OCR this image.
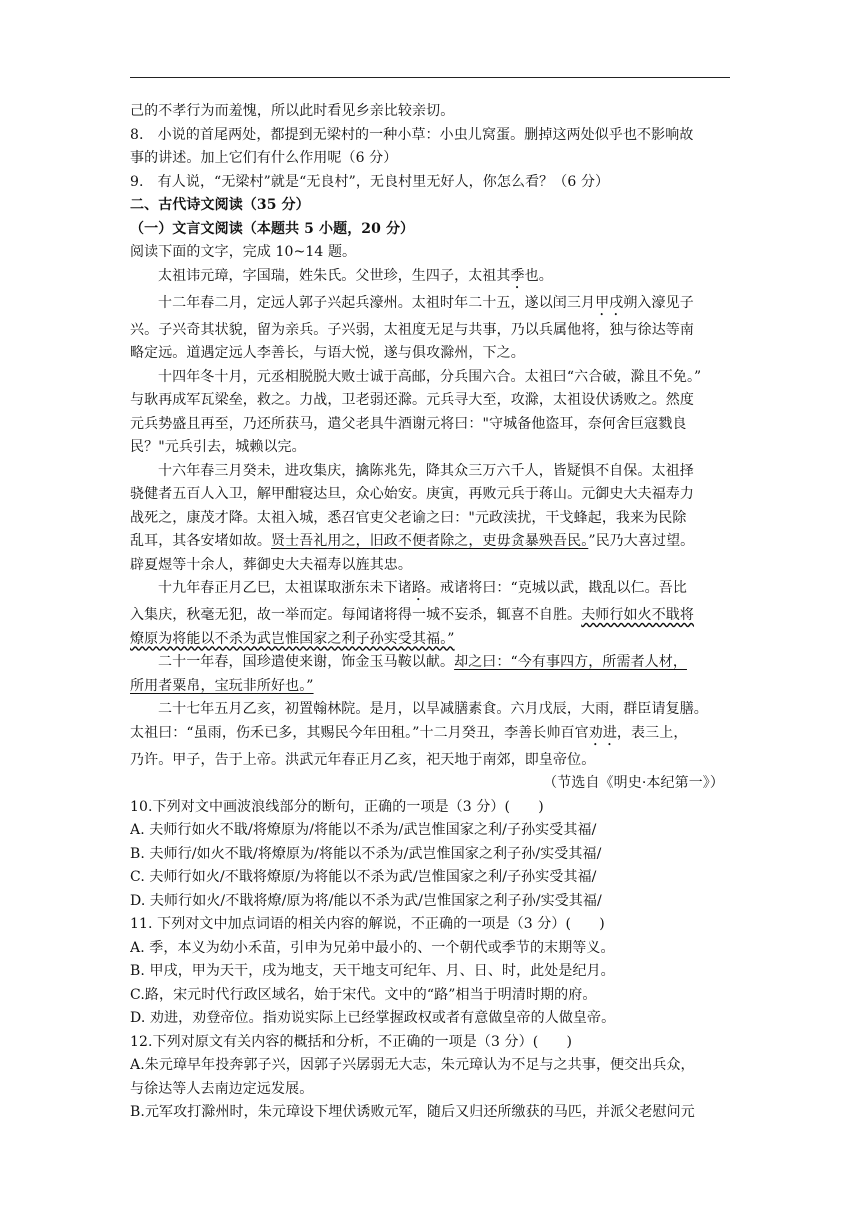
己的不孝行为而羞愧，所以此时看见乡亲比较亲切。
8.　小说的首尾两处，都提到无梁村的一种小草：小虫儿窝蛋。删掉这两处似乎也不影响故
事的讲述。加上它们有什么作用呢（6 分）
9.　有人说，“无梁村”就是“无良村”，无良村里无好人，你怎么看？（6 分）
二、古代诗文阅读（35 分）
（一）文言文阅读（本题共 5 小题，20 分）
阅读下面的文字，完成 10~14 题。
太祖讳元璋，字国瑞，姓朱氏。父世珍，生四子，太祖其季也。
十二年春二月，定远人郭子兴起兵濠州。太祖时年二十五，遂以闰三月甲戌朔入濠见子
兴。子兴奇其状貌，留为亲兵。子兴弱，太祖度无足与共事，乃以兵属他将，独与徐达等南
略定远。道遇定远人李善长，与语大悦，遂与俱攻滁州，下之。
十四年冬十月，元丞相脱脱大败士诚于高邮，分兵围六合。太祖曰“六合破，滁且不免。”
与耿再成军瓦梁垒，救之。力战，卫老弱还滁。元兵寻大至，攻滁，太祖设伏诱败之。然度
元兵势盛且再至，乃还所获马，遣父老具牛酒谢元将曰："守城备他盗耳，奈何舍巨寇戮良
民？"元兵引去，城赖以完。
十六年春三月癸未，进攻集庆，擒陈兆先，降其众三万六千人，皆疑惧不自保。太祖择
骁健者五百人入卫，解甲酣寝达旦，众心始安。庚寅，再败元兵于蒋山。元御史大夫福寿力
战死之，康茂才降。太祖入城，悉召官吏父老谕之曰："元政渎扰，干戈蜂起，我来为民除
乱耳，其各安堵如故。贤士吾礼用之，旧政不便者除之，吏毋贪暴殃吾民。”民乃大喜过望。
辟夏煜等十余人，葬御史大夫福寿以旌其忠。
十九年春正月乙巳，太祖谋取浙东未下诸路。戒诸将曰：“克城以武，戡乱以仁。吾比
入集庆，秋毫无犯，故一举而定。每闻诸将得一城不妄杀，辄喜不自胜。夫师行如火不戢将
燎原为将能以不杀为武岂惟国家之利子孙实受其福。”
二十一年春，国珍遣使来谢，饰金玉马鞍以献。却之曰：“今有事四方，所需者人材，
所用者粟帛，宝玩非所好也。”
二十七年五月乙亥，初置翰林院。是月，以旱减膳素食。六月戊辰，大雨，群臣请复膳。
太祖曰：“虽雨，伤禾已多，其赐民今年田租。”十二月癸丑，李善长帅百官劝进，表三上，
乃许。甲子，告于上帝。洪武元年春正月乙亥，祀天地于南郊，即皇帝位。
（节选自《明史·本纪第一》）
10.下列对文中画波浪线部分的断句，正确的一项是（3 分）(　　)
A. 夫师行如火不戢/将燎原为/将能以不杀为/武岂惟国家之利/子孙实受其福/
B. 夫师行/如火不戢/将燎原为/将能以不杀为/武岂惟国家之利子孙/实受其福/
C. 夫师行如火/不戢将燎原/为将能以不杀为武/岂惟国家之利/子孙实受其福/
D. 夫师行如火/不戢将燎/原为将/能以不杀为武/岂惟国家之利子孙/实受其福/
11. 下列对文中加点词语的相关内容的解说，不正确的一项是（3 分）(　　)
A. 季，本义为幼小禾苗，引申为兄弟中最小的、一个朝代或季节的末期等义。
B. 甲戌，甲为天干，戌为地支，天干地支可纪年、月、日、时，此处是纪月。
C.路，宋元时代行政区域名，始于宋代。文中的“路”相当于明清时期的府。
D. 劝进，劝登帝位。指劝说实际上已经掌握政权或者有意做皇帝的人做皇帝。
12.下列对原文有关内容的概括和分析，不正确的一项是（3 分）(　　)
A.朱元璋早年投奔郭子兴，因郭子兴孱弱无大志，朱元璋认为不足与之共事，便交出兵众，
与徐达等人去南边定远发展。
B.元军攻打滁州时，朱元璋设下埋伏诱败元军，随后又归还所缴获的马匹，并派父老慰问元
